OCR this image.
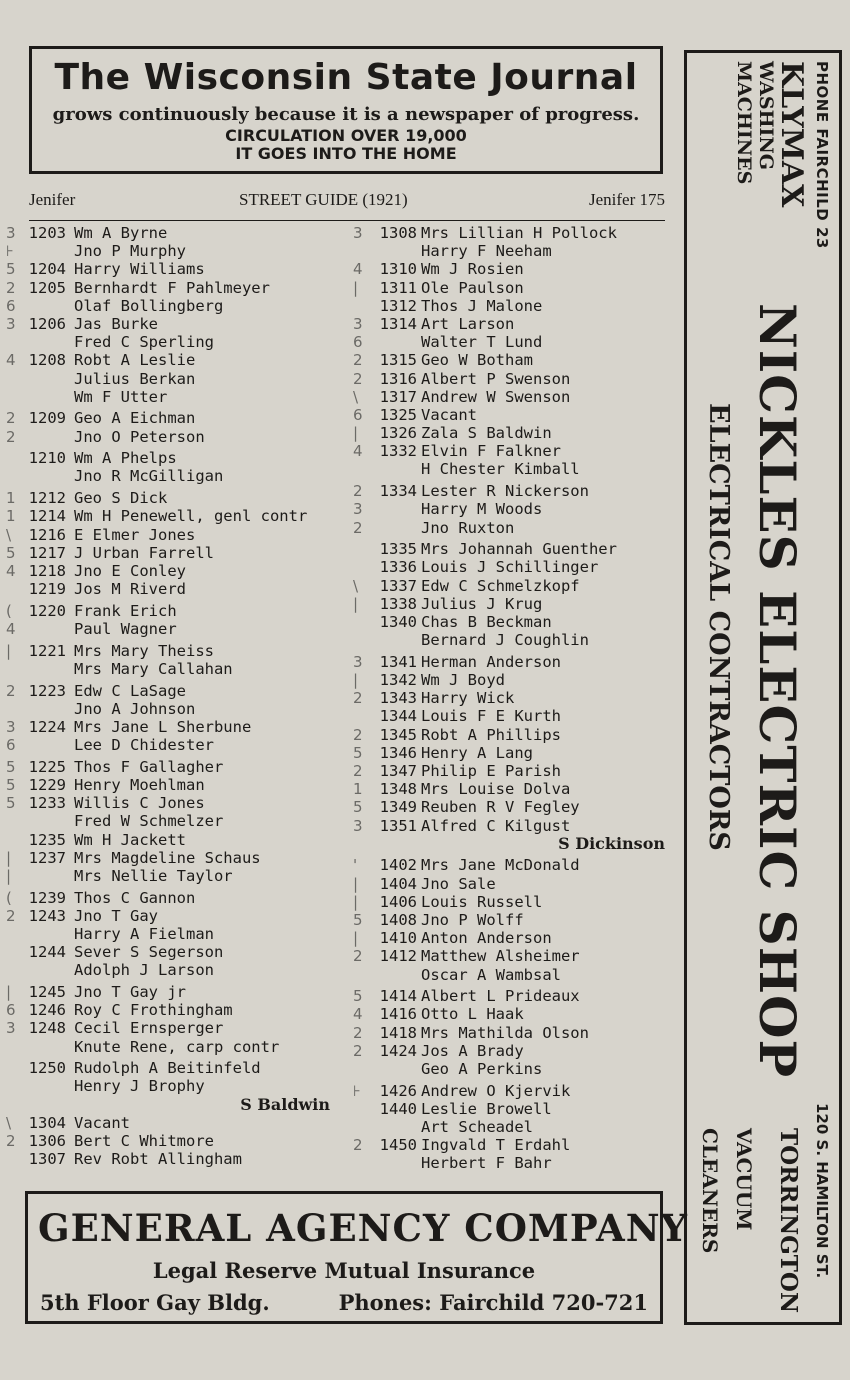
The Wisconsin State Journal
grows continuously because it is a newspaper of progress.
CIRCULATION OVER 19,000
IT GOES INTO THE HOME
Jenifer	STREET GUIDE (1921)	Jenifer 175
3 1203 Wm A Byrne
⊦	Jno P Murphy
5 1204 Harry Williams
2 1205 Bernhardt F Pahlmeyer
6	Olaf Bollingberg
3 1206 Jas Burke
Fred C Sperling
4 1208 Robt A Leslie
Julius Berkan
Wm F Utter
2 1209 Geo A Eichman
2	Jno O Peterson
1210 Wm A Phelps
Jno R McGilligan
1 1212 Geo S Dick
1 1214 Wm H Penewell, genl contr
\	1216 E Elmer Jones
5 1217 J Urban Farrell
4 1218 Jno E Conley
1219 Jos M Riverd
(	1220 Frank Erich
4	Paul Wagner
|	1221 Mrs Mary Theiss
Mrs Mary Callahan
2 1223 Edw C LaSage
Jno A Johnson
3 1224 Mrs Jane L Sherbune
6	Lee D Chidester
5 1225 Thos F Gallagher
5 1229 Henry Moehlman
5 1233 Willis C Jones
Fred W Schmelzer
1235 Wm H Jackett
|	1237 Mrs Magdeline Schaus
|	Mrs Nellie Taylor
(	1239 Thos C Gannon
2 1243 Jno T Gay
Harry A Fielman
1244 Sever S Segerson
Adolph J Larson
|	1245 Jno T Gay jr
6 1246 Roy C Frothingham
3 1248 Cecil Ernsperger
Knute Rene, carp contr
1250 Rudolph A Beitinfeld
Henry J Brophy
S Baldwin
\	1304 Vacant
2 1306 Bert C Whitmore
1307 Rev Robt Allingham
3	1308 Mrs Lillian H Pollock
Harry F Neeham
4	1310 Wm J Rosien
|	1311 Ole Paulson
1312 Thos J Malone
3	1314 Art Larson
6	Walter T Lund
2	1315 Geo W Botham
2	1316 Albert P Swenson
\	1317 Andrew W Swenson
6	1325 Vacant
|	1326 Zala S Baldwin
4	1332 Elvin F Falkner
H Chester Kimball
2	1334 Lester R Nickerson
3	Harry M Woods
2	Jno Ruxton
1335 Mrs Johannah Guenther
1336 Louis J Schillinger
\	1337 Edw C Schmelzkopf
|	1338 Julius J Krug
1340 Chas B Beckman
Bernard J Coughlin
3	1341 Herman Anderson
|	1342 Wm J Boyd
2	1343 Harry Wick
1344 Louis F E Kurth
2	1345 Robt A Phillips
5	1346 Henry A Lang
2	1347 Philip E Parish
1	1348 Mrs Louise Dolva
5	1349 Reuben R V Fegley
3	1351 Alfred C Kilgust
S Dickinson
'	1402 Mrs Jane McDonald
|	1404 Jno Sale
|	1406 Louis Russell
5	1408 Jno P Wolff
|	1410 Anton Anderson
2	1412 Matthew Alsheimer
Oscar A Wambsal
5	1414 Albert L Prideaux
4	1416 Otto L Haak
2	1418 Mrs Mathilda Olson
2	1424 Jos A Brady
Geo A Perkins
⊦	1426 Andrew O Kjervik
1440 Leslie Browell
Art Scheadel
2	1450 Ingvald T Erdahl
Herbert F Bahr
GENERAL AGENCY COMPANY
Legal Reserve Mutual Insurance
5th Floor Gay Bldg.	Phones: Fairchild 720-721
PHONE FAIRCHILD 23
KLYMAX
WASHING
MACHINES
NICKLES ELECTRIC SHOP
ELECTRICAL CONTRACTORS
120 S. HAMILTON ST.
TORRINGTON
VACUUM
CLEANERS
